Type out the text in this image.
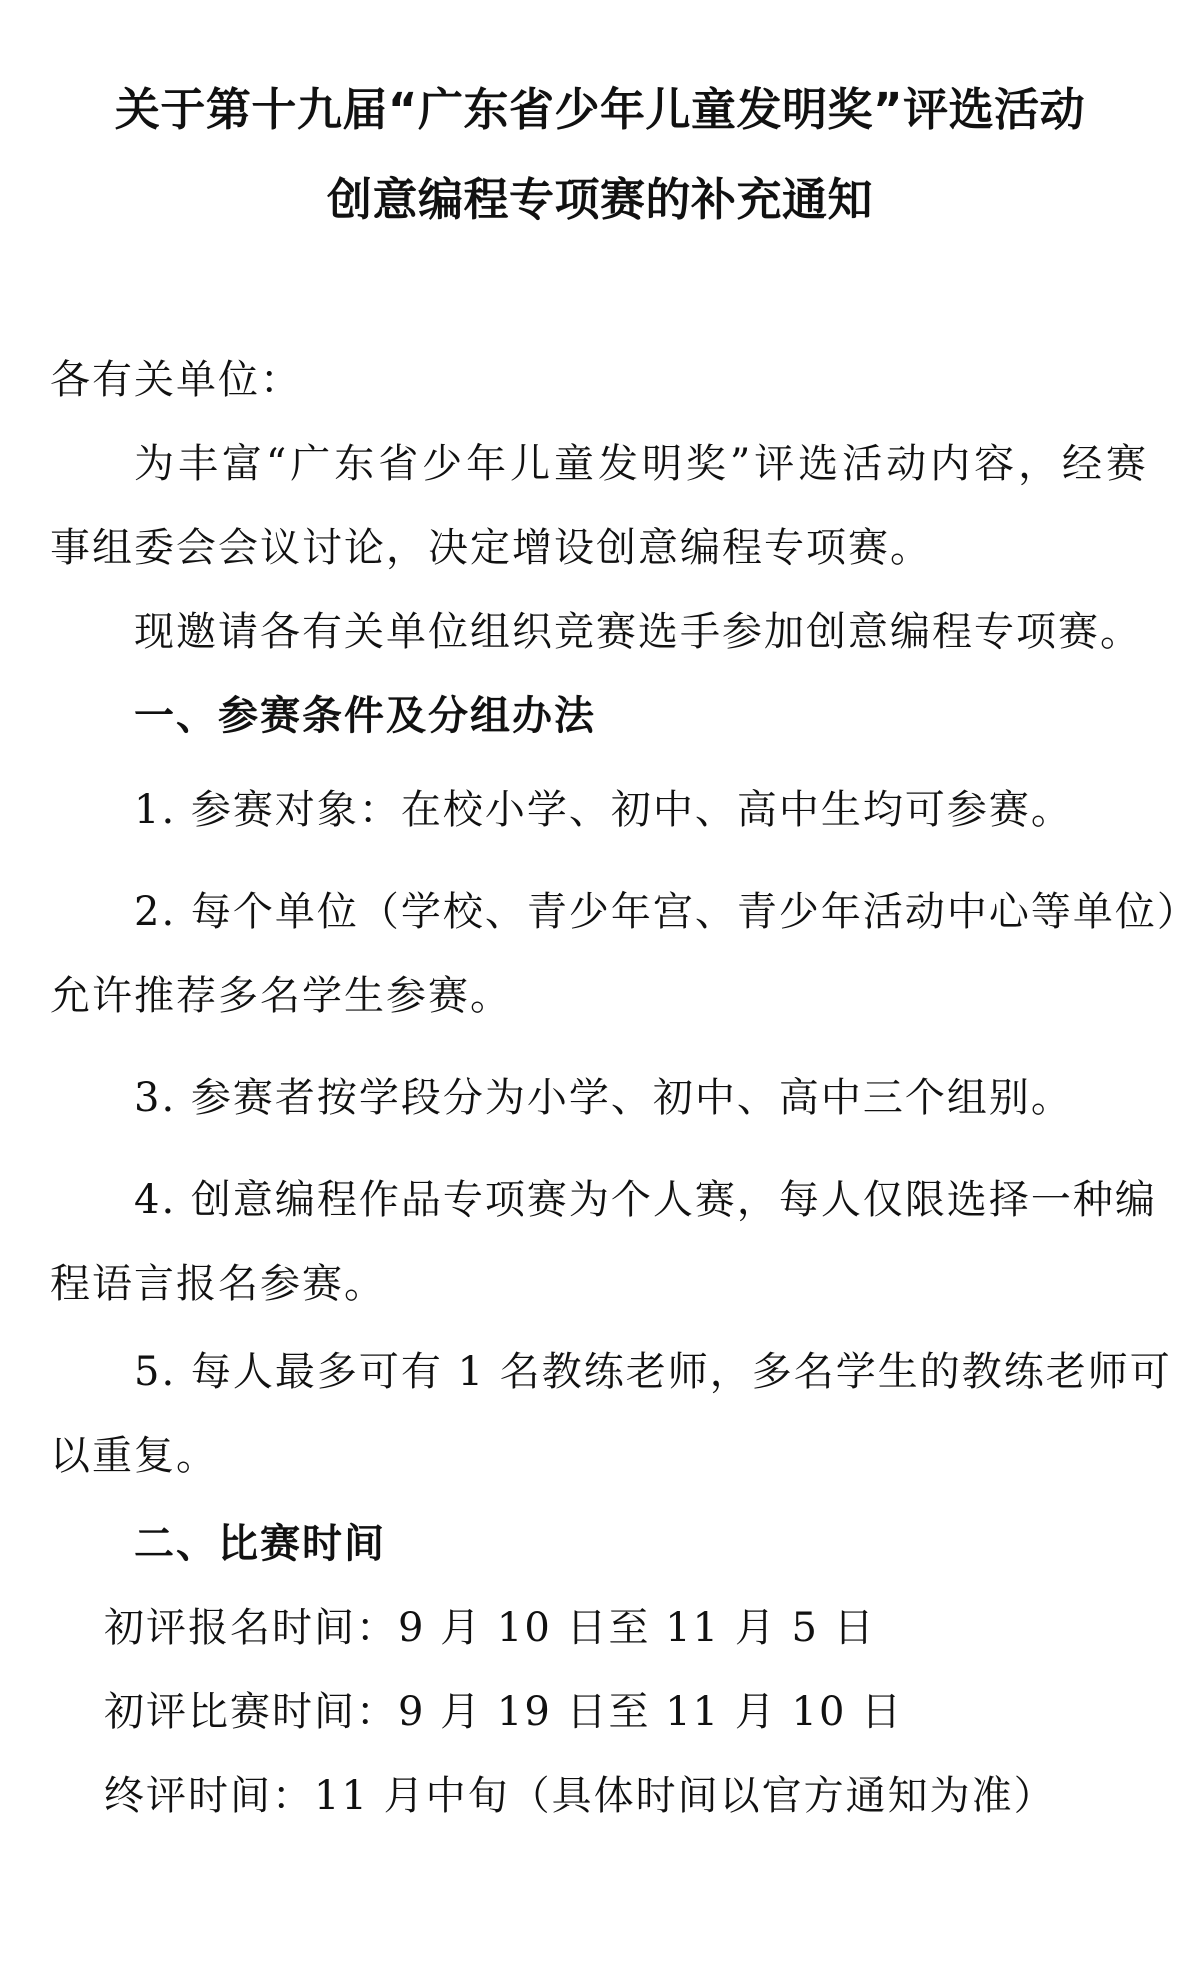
关于第十九届“广东省少年儿童发明奖”评选活动
创意编程专项赛的补充通知
各有关单位：
为丰富“广东省少年儿童发明奖”评选活动内容，经赛
事组委会会议讨论，决定增设创意编程专项赛。
现邀请各有关单位组织竞赛选手参加创意编程专项赛。
一、参赛条件及分组办法
1. 参赛对象：在校小学、初中、高中生均可参赛。
2. 每个单位（学校、青少年宫、青少年活动中心等单位）
允许推荐多名学生参赛。
3. 参赛者按学段分为小学、初中、高中三个组别。
4. 创意编程作品专项赛为个人赛，每人仅限选择一种编
程语言报名参赛。
5. 每人最多可有 1 名教练老师，多名学生的教练老师可
以重复。
二、比赛时间
初评报名时间：9 月 10 日至 11 月 5 日
初评比赛时间：9 月 19 日至 11 月 10 日
终评时间：11 月中旬（具体时间以官方通知为准）
